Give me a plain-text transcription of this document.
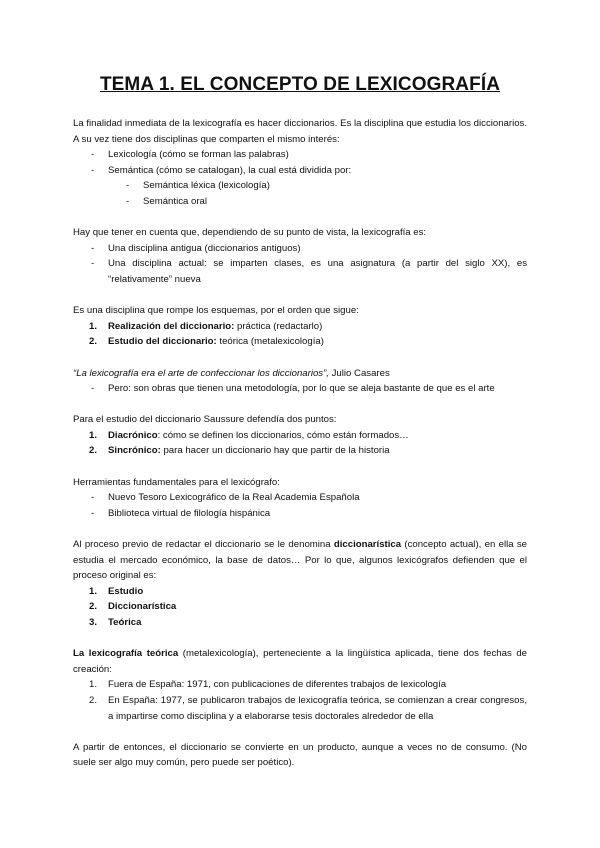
TEMA 1. EL CONCEPTO DE LEXICOGRAFÍA

La finalidad inmediata de la lexicografía es hacer diccionarios. Es la disciplina que estudia los diccionarios. A su vez tiene dos disciplinas que comparten el mismo interés:

-	Lexicología (cómo se forman las palabras)
-	Semántica (cómo se catalogan), la cual está dividida por:
-	Semántica léxica (lexicología)
-	Semántica oral

Hay que tener en cuenta que, dependiendo de su punto de vista, la lexicografía es:

-	Una disciplina antigua (diccionarios antiguos)
-	Una disciplina actual: se imparten clases, es una asignatura (a partir del siglo XX), es “relativamente” nueva

Es una disciplina que rompe los esquemas, por el orden que sigue:

1.	Realización del diccionario: práctica (redactarlo)
2.	Estudio del diccionario: teórica (metalexicología)

“La lexicografía era el arte de confeccionar los diccionarios”, Julio Casares

-	Pero: son obras que tienen una metodología, por lo que se aleja bastante de que es el arte

Para el estudio del diccionario Saussure defendía dos puntos:

1.	Diacrónico: cómo se definen los diccionarios, cómo están formados…
2.	Sincrónico: para hacer un diccionario hay que partir de la historia

Herramientas fundamentales para el lexicógrafo:

-	Nuevo Tesoro Lexicográfico de la Real Academia Española
-	Biblioteca virtual de filología hispánica

Al proceso previo de redactar el diccionario se le denomina diccionarística (concepto actual), en ella se estudia el mercado económico, la base de datos… Por lo que, algunos lexicógrafos defienden que el proceso original es:

1.	Estudio
2.	Diccionarística
3.	Teórica

La lexicografía teórica (metalexicología), perteneciente a la lingüística aplicada, tiene dos fechas de creación:

1.	Fuera de España: 1971, con publicaciones de diferentes trabajos de lexicología
2.	En España: 1977, se publicaron trabajos de lexicografía teórica, se comienzan a crear congresos, a impartirse como disciplina y a elaborarse tesis doctorales alrededor de ella

A partir de entonces, el diccionario se convierte en un producto, aunque a veces no de consumo. (No suele ser algo muy común, pero puede ser poético).
